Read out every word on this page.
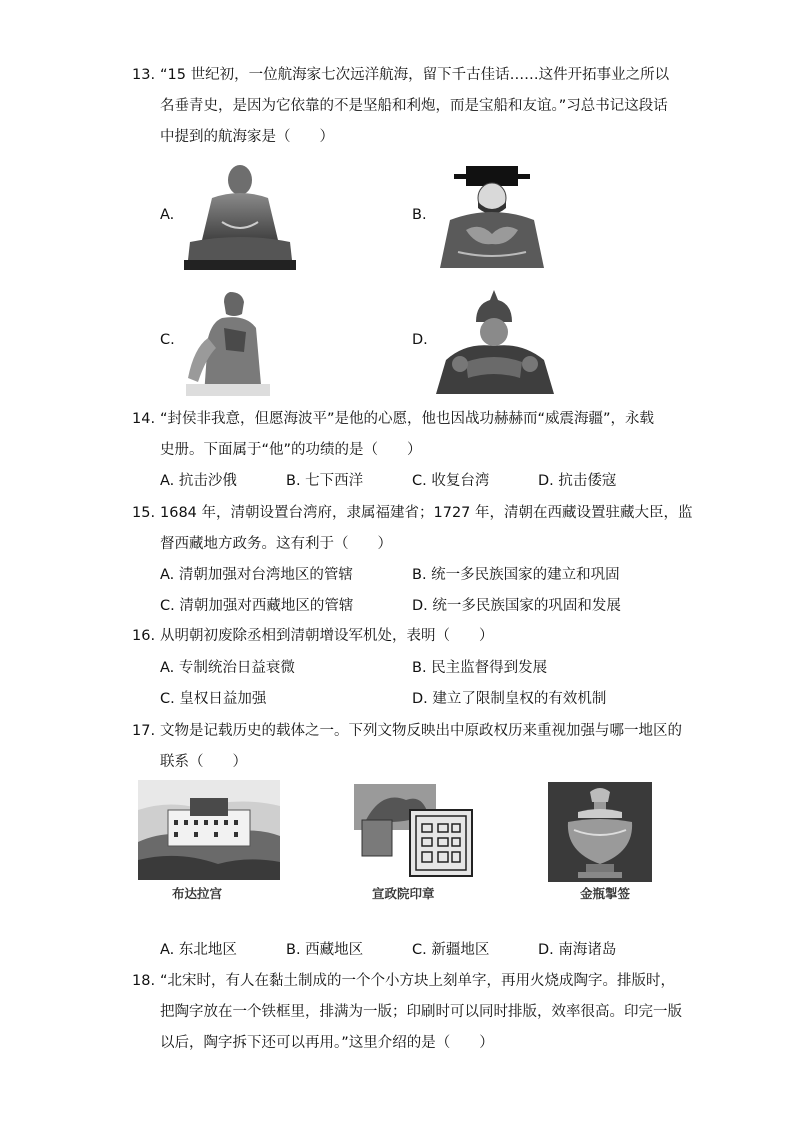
13. “15 世纪初，一位航海家七次远洋航海，留下千古佳话……这件开拓事业之所以
名垂青史，是因为它依靠的不是坚船和利炮，而是宝船和友谊。”习总书记这段话
中提到的航海家是（　　）
A.	B.
C.	D.
14. “封侯非我意，但愿海波平”是他的心愿，他也因战功赫赫而“威震海疆”，永载
史册。下面属于“他”的功绩的是（　　）
A. 抗击沙俄	B. 七下西洋	C. 收复台湾	D. 抗击倭寇
15. 1684 年，清朝设置台湾府，隶属福建省；1727 年，清朝在西藏设置驻藏大臣，监
督西藏地方政务。这有利于（　　）
A. 清朝加强对台湾地区的管辖	B. 统一多民族国家的建立和巩固
C. 清朝加强对西藏地区的管辖	D. 统一多民族国家的巩固和发展
16. 从明朝初废除丞相到清朝增设军机处，表明（　　）
A. 专制统治日益衰微	B. 民主监督得到发展
C. 皇权日益加强	D. 建立了限制皇权的有效机制
17. 文物是记载历史的载体之一。下列文物反映出中原政权历来重视加强与哪一地区的
联系（　　）
布达拉宫	宣政院印章	金瓶掣签
A. 东北地区	B. 西藏地区	C. 新疆地区	D. 南海诸岛
18. “北宋时，有人在黏土制成的一个个小方块上刻单字，再用火烧成陶字。排版时，
把陶字放在一个铁框里，排满为一版；印刷时可以同时排版，效率很高。印完一版
以后，陶字拆下还可以再用。”这里介绍的是（　　）
